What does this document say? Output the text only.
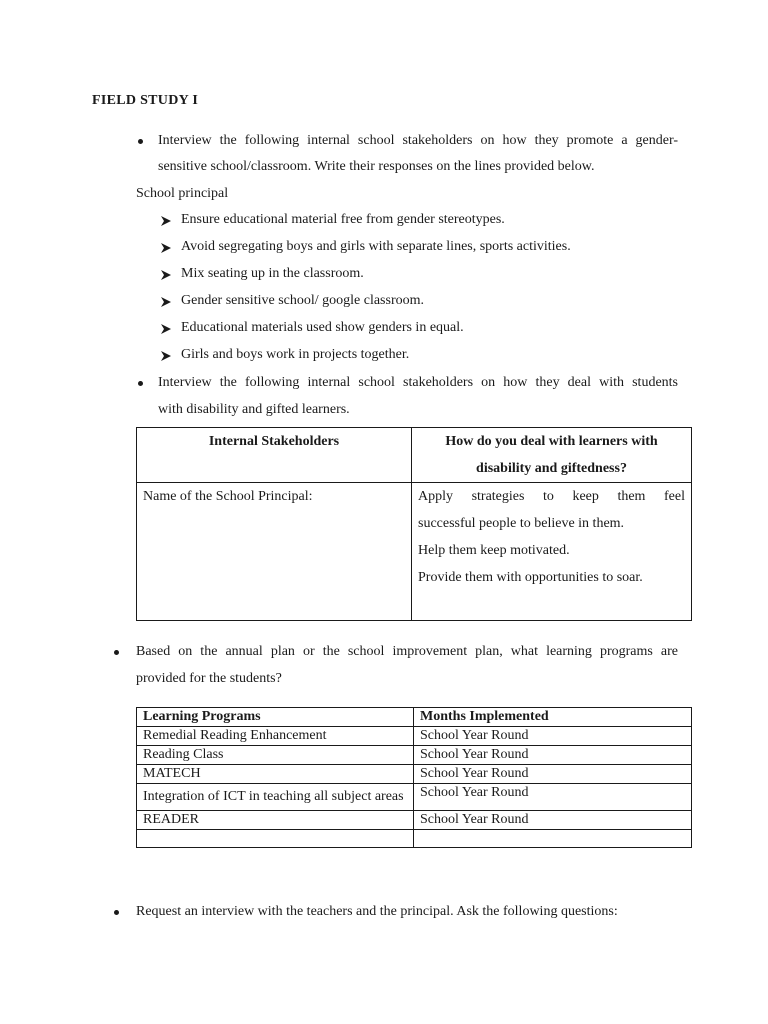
FIELD STUDY I
Interview the following internal school stakeholders on how they promote a gender-
sensitive school/classroom. Write their responses on the lines provided below.
School principal
Ensure educational material free from gender stereotypes.
Avoid segregating boys and girls with separate lines, sports activities.
Mix seating up in the classroom.
Gender sensitive school/ google classroom.
Educational materials used show genders in equal.
Girls and boys work in projects together.
Interview the following internal school stakeholders on how they deal with students
with disability and gifted learners.
Internal Stakeholders	How do you deal with learners with disability and giftedness?
Name of the School Principal:	Apply strategies to keep them feel
successful people to believe in them.
Help them keep motivated.
Provide them with opportunities to soar.
Based on the annual plan or the school improvement plan, what learning programs are
provided for the students?
Learning Programs	Months Implemented
Remedial Reading Enhancement	School Year Round
Reading Class	School Year Round
MATECH	School Year Round
Integration of ICT in teaching all subject areas	School Year Round
READER	School Year Round

Request an interview with the teachers and the principal. Ask the following questions:
